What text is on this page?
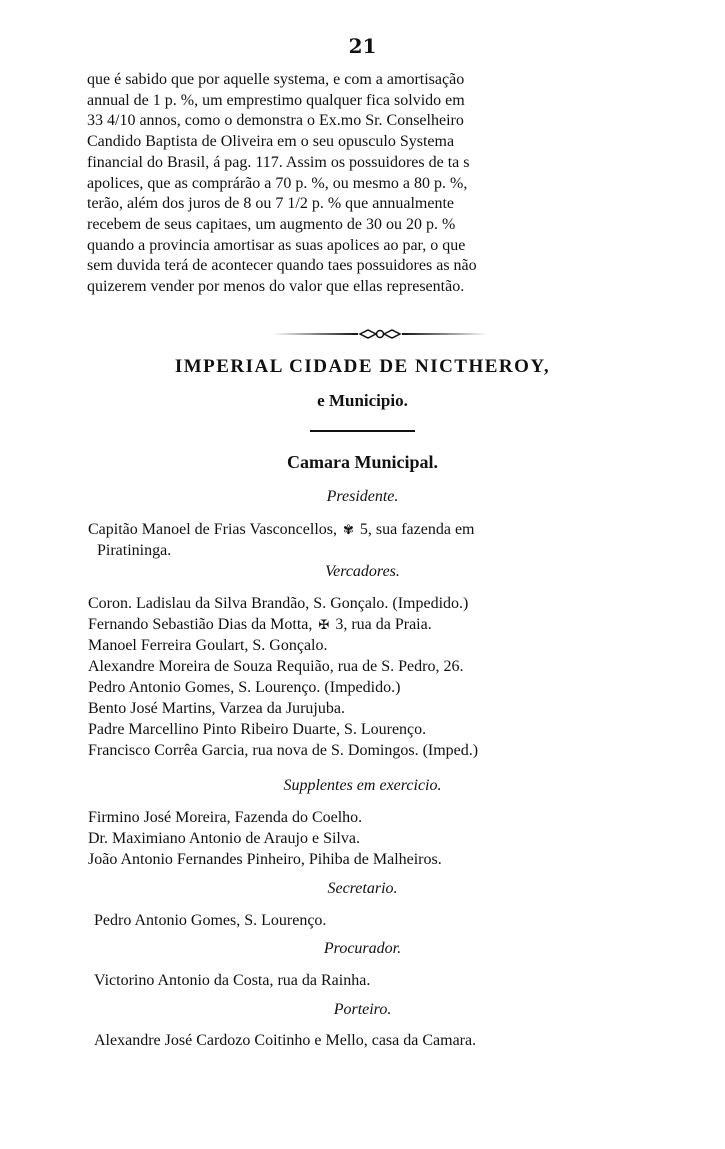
21
que é sabido que por aquelle systema, e com a amortisação
annual de 1 p. %, um emprestimo qualquer fica solvido em
33 4/10 annos, como o demonstra o Ex.mo Sr. Conselheiro
Candido Baptista de Oliveira em o seu opusculo Systema
financial do Brasil, á pag. 117. Assim os possuidores de ta s
apolices, que as comprárão a 70 p. %, ou mesmo a 80 p. %,
terão, além dos juros de 8 ou 7 1/2 p. % que annualmente
recebem de seus capitaes, um augmento de 30 ou 20 p. %
quando a provincia amortisar as suas apolices ao par, o que
sem duvida terá de acontecer quando taes possuidores as não
quizerem vender por menos do valor que ellas representão.
IMPERIAL CIDADE DE NICTHEROY,
e Municipio.
Camara Municipal.
Presidente.
Capitão Manoel de Frias Vasconcellos, ✾ 5, sua fazenda em
Piratininga.
Vercadores.
Coron. Ladislau da Silva Brandão, S. Gonçalo. (Impedido.)
Fernando Sebastião Dias da Motta, ✠ 3, rua da Praia.
Manoel Ferreira Goulart, S. Gonçalo.
Alexandre Moreira de Souza Requião, rua de S. Pedro, 26.
Pedro Antonio Gomes, S. Lourenço. (Impedido.)
Bento José Martins, Varzea da Jurujuba.
Padre Marcellino Pinto Ribeiro Duarte, S. Lourenço.
Francisco Corrêa Garcia, rua nova de S. Domingos. (Imped.)
Supplentes em exercicio.
Firmino José Moreira, Fazenda do Coelho.
Dr. Maximiano Antonio de Araujo e Silva.
João Antonio Fernandes Pinheiro, Pihiba de Malheiros.
Secretario.
Pedro Antonio Gomes, S. Lourenço.
Procurador.
Victorino Antonio da Costa, rua da Rainha.
Porteiro.
Alexandre José Cardozo Coitinho e Mello, casa da Camara.
